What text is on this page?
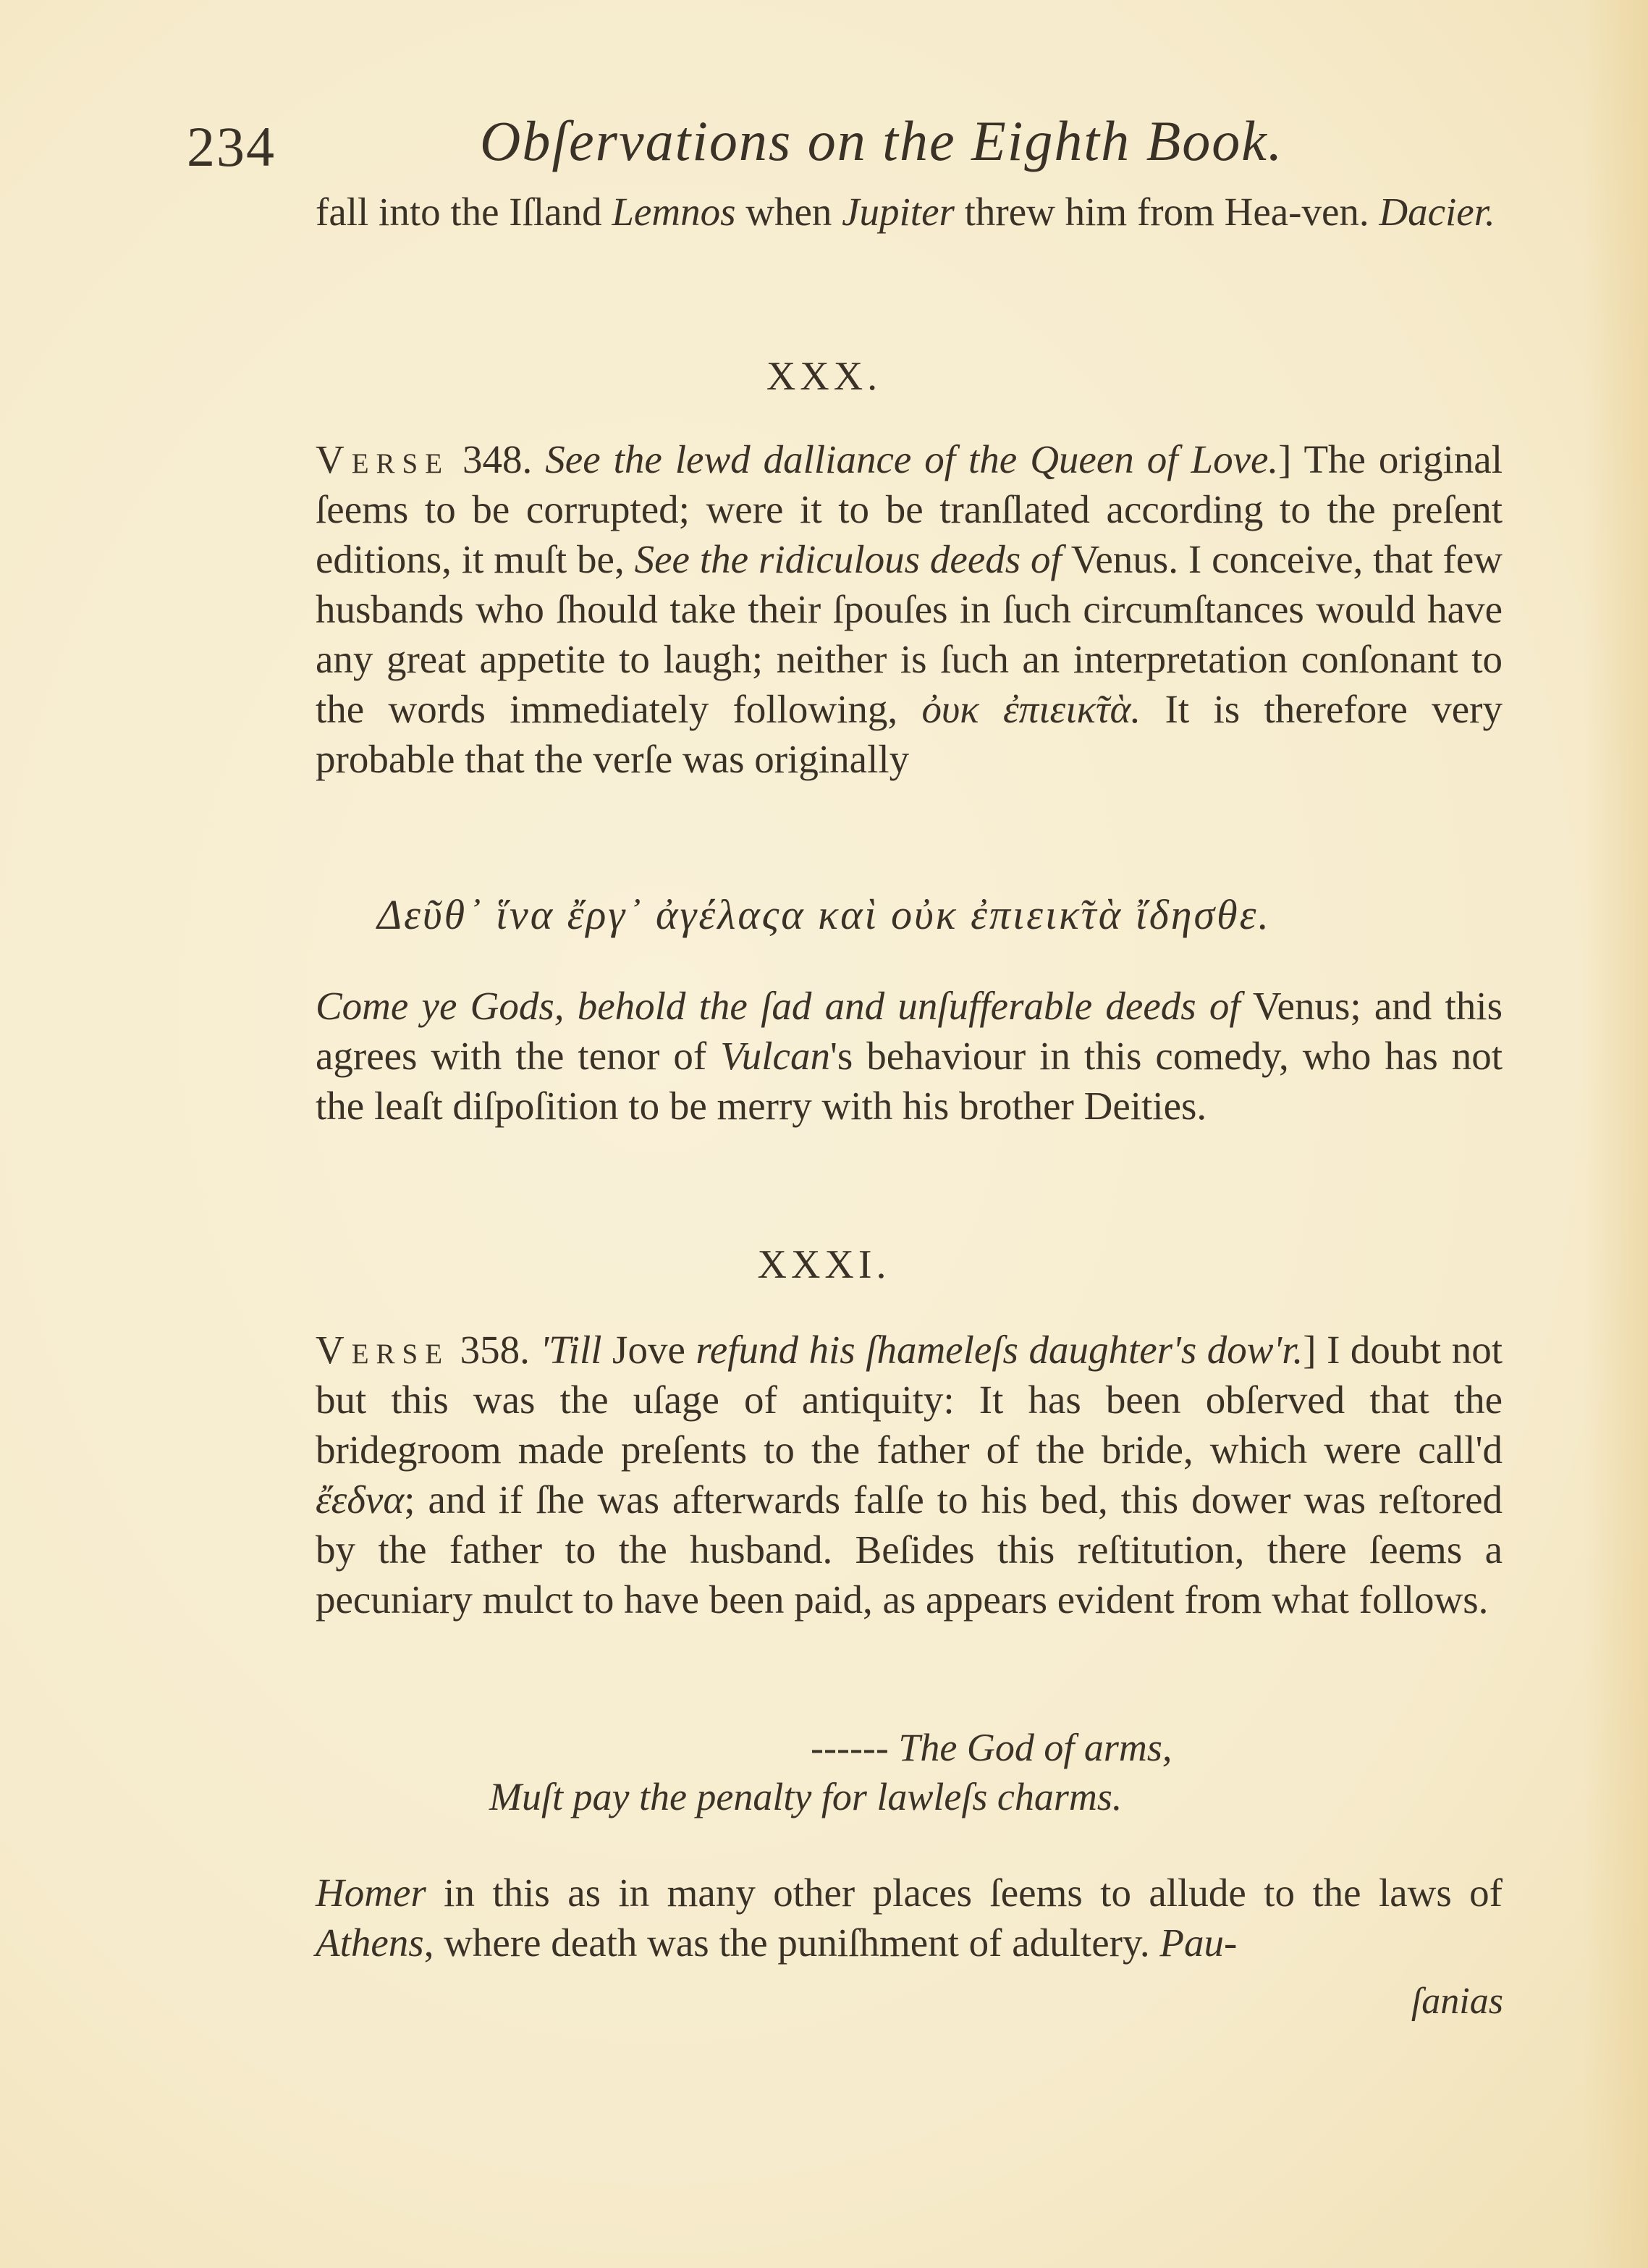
234	Obſervations on the Eighth Book.

fall into the Iſland Lemnos when Jupiter threw him from Hea-ven. Dacier.

XXX.

Verse 348. See the lewd dalliance of the Queen of Love.] The original ſeems to be corrupted; were it to be tranſlated according to the preſent editions, it muſt be, See the ridiculous deeds of Venus. I conceive, that few husbands who ſhould take their ſpouſes in ſuch circumſtances would have any great appetite to laugh; neither is ſuch an interpretation conſonant to the words immediately following, ὀυκ ἐπιεικ̃τὰ. It is therefore very probable that the verſe was originally

Δεῦθ᾽ ἵνα ἔργ᾽ ἀγέλαςα καὶ οὐκ ἐπιεικ̃τὰ ἴδησθε.

Come ye Gods, behold the ſad and unſufferable deeds of Venus; and this agrees with the tenor of Vulcan's behaviour in this comedy, who has not the leaſt diſpoſition to be merry with his brother Deities.

XXXI.

Verse 358. 'Till Jove refund his ſhameleſs daughter's dow'r.] I doubt not but this was the uſage of antiquity: It has been obſerved that the bridegroom made preſents to the father of the bride, which were call'd ἔεδνα; and if ſhe was afterwards falſe to his bed, this dower was reſtored by the father to the husband. Beſides this reſtitution, there ſeems a pecuniary mulct to have been paid, as appears evident from what follows.

------ The God of arms,
Muſt pay the penalty for lawleſs charms.

Homer in this as in many other places ſeems to allude to the laws of Athens, where death was the puniſhment of adultery. Pau-

ſanias
